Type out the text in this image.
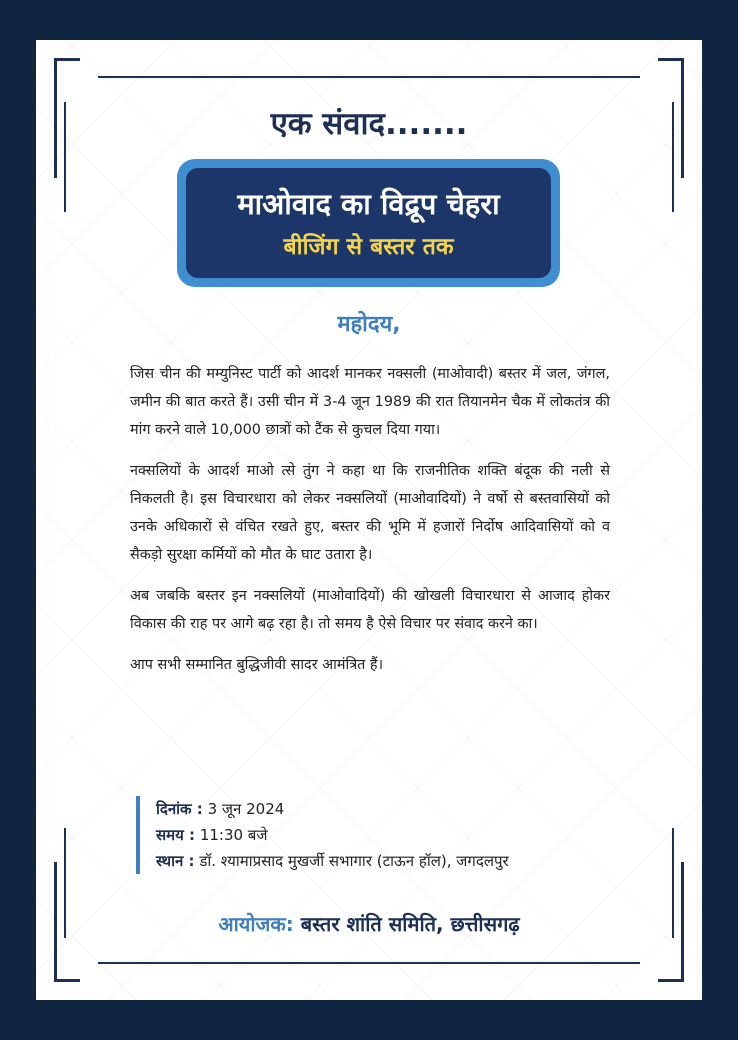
एक संवाद.......
माओवाद का विद्रूप चेहरा
बीजिंग से बस्तर तक
महोदय,

जिस चीन की मम्युनिस्ट पार्टी को आदर्श मानकर नक्सली (माओवादी) बस्तर में जल, जंगल, जमीन की बात करते हैं। उसी चीन में 3-4 जून 1989 की रात तियानमेन चैक में लोकतंत्र की मांग करने वाले 10,000 छात्रों को टैंक से कुचल दिया गया।

नक्सलियों के आदर्श माओ त्से तुंग ने कहा था कि राजनीतिक शक्ति बंदूक की नली से निकलती है। इस विचारधारा को लेकर नक्सलियों (माओवादियों) ने वर्षो से बस्तवासियों को उनके अधिकारों से वंचित रखते हुए, बस्तर की भूमि में हजारों निर्दोष आदिवासियों को व सैकड़ो सुरक्षा कर्मियों को मौत के घाट उतारा है।

अब जबकि बस्तर इन नक्सलियों (माओवादियों) की खोखली विचारधारा से आजाद होकर विकास की राह पर आगे बढ़ रहा है। तो समय है ऐसे विचार पर संवाद करने का।

आप सभी सम्मानित बुद्धिजीवी सादर आमंत्रित हैं।

दिनांक : 3 जून 2024
समय : 11:30 बजे
स्थान : डॉ. श्यामाप्रसाद मुखर्जी सभागार (टाऊन हॉल), जगदलपुर
आयोजक: बस्तर शांति समिति, छत्तीसगढ़
